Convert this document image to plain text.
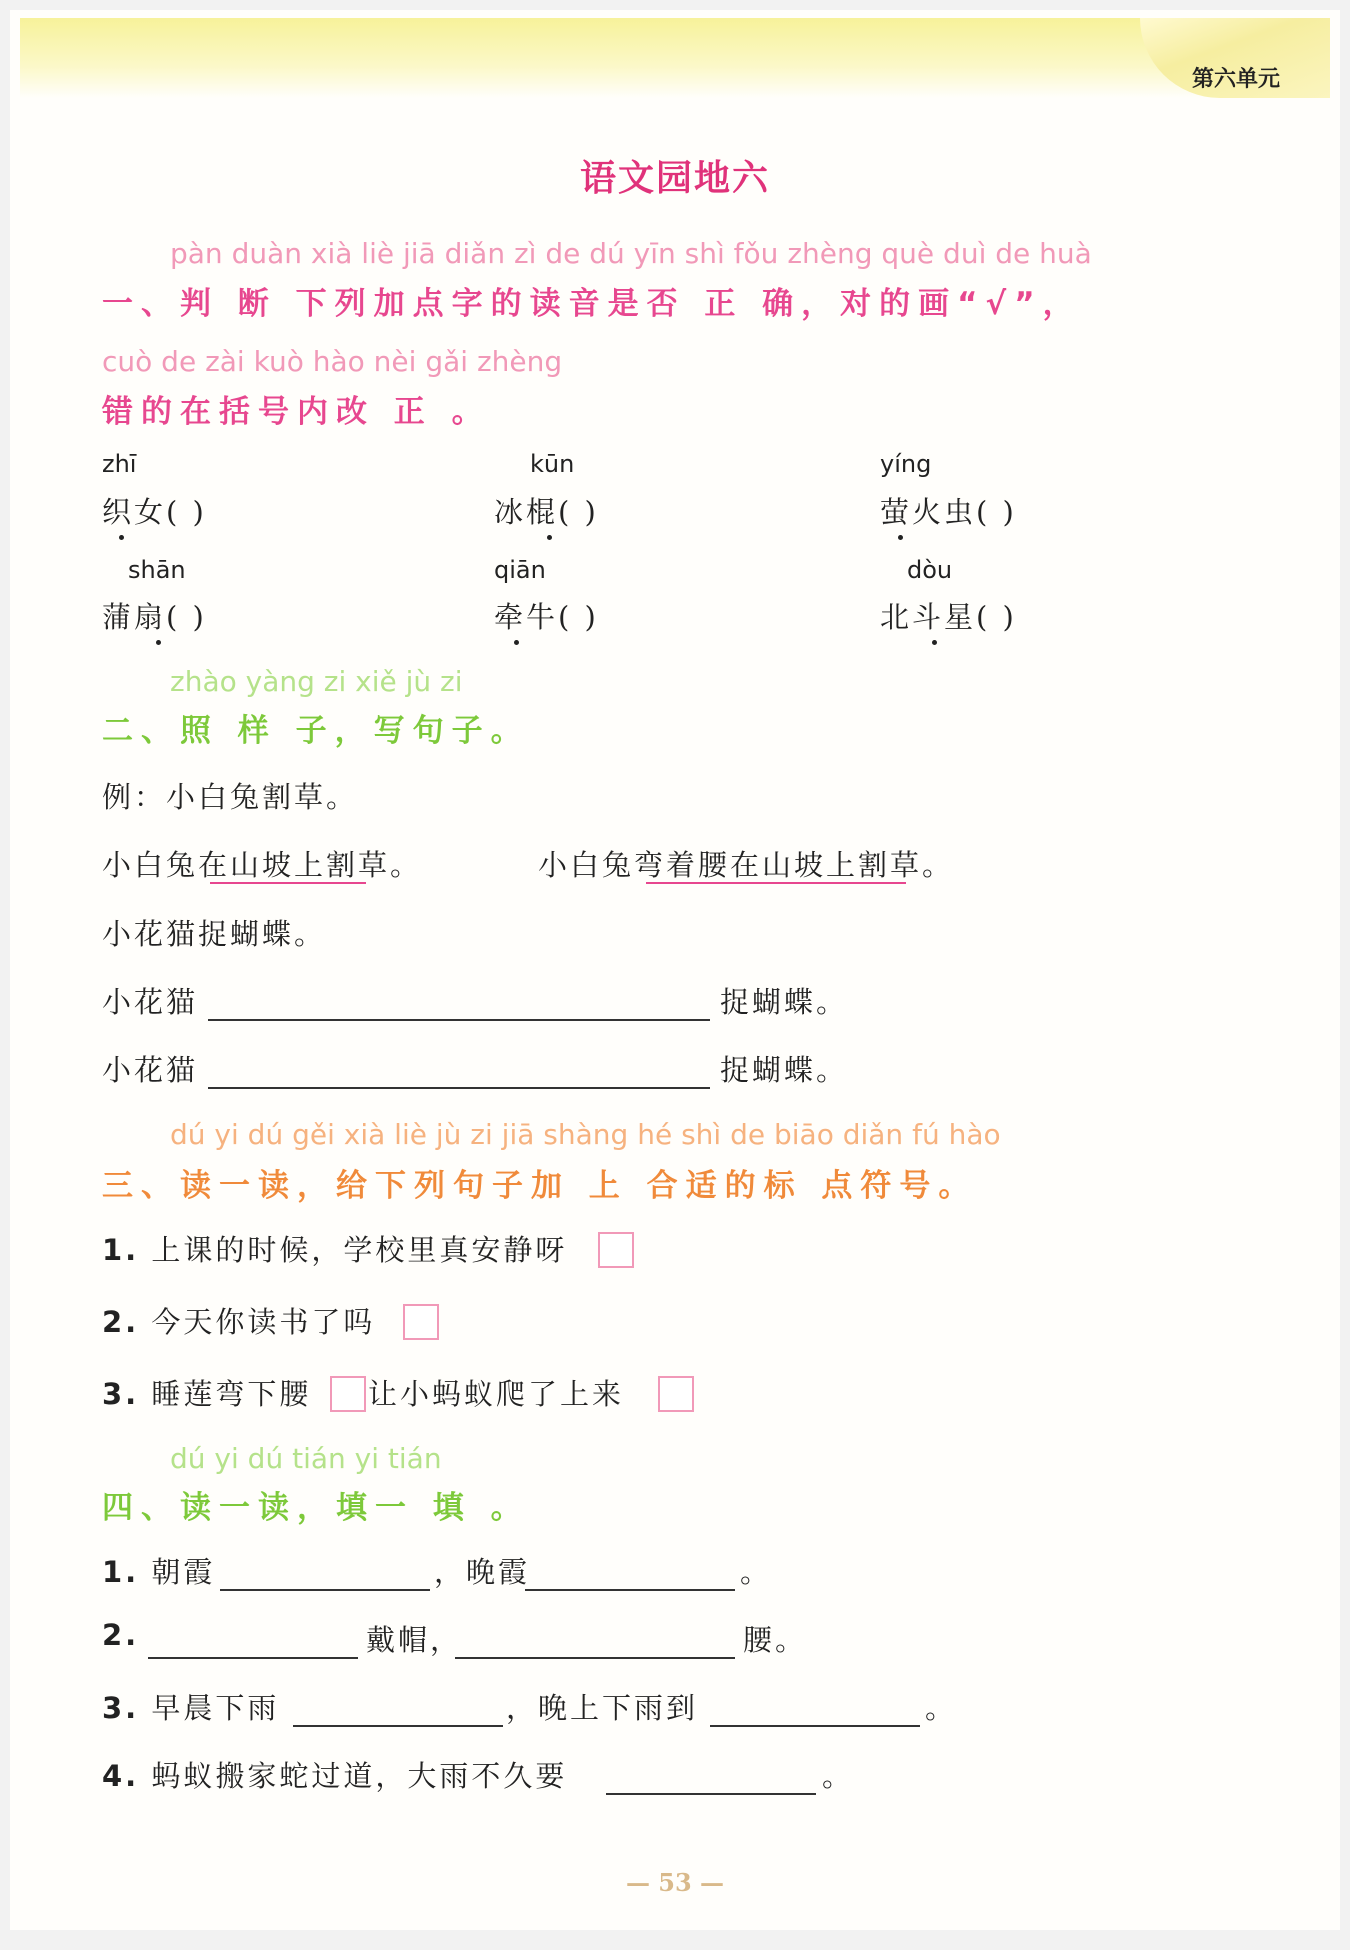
第六单元
语文园地六
pàn duàn xià liè jiā diǎn zì de dú yīn shì fǒu zhèng què duì de huà
一、判 断 下列加点字的读音是否 正 确，对的画“√”，
cuò de zài kuò hào nèi gǎi zhèng
错的在括号内改 正 。
zhī
织女( )
kūn
冰棍( )
yíng
萤火虫( )
shān
蒲扇( )
qiān
牵牛( )
dòu
北斗星( )
zhào yàng zi xiě jù zi
二、照 样 子，写句子。
例：小白兔割草。
小白兔在山坡上割草。	小白兔弯着腰在山坡上割草。
小花猫捉蝴蝶。
小花猫	捉蝴蝶。
小花猫	捉蝴蝶。
dú yi dú gěi xià liè jù zi jiā shàng hé shì de biāo diǎn fú hào
三、读一读，给下列句子加 上 合适的标 点符号。
1. 上课的时候，学校里真安静呀
2. 今天你读书了吗
3. 睡莲弯下腰 让小蚂蚁爬了上来
dú yi dú tián yi tián
四、读一读，填一 填 。
1. 朝霞	，晚霞	。
2.	戴帽，	腰。
3. 早晨下雨	，晚上下雨到	。
4. 蚂蚁搬家蛇过道，大雨不久要	。
— 53 —
